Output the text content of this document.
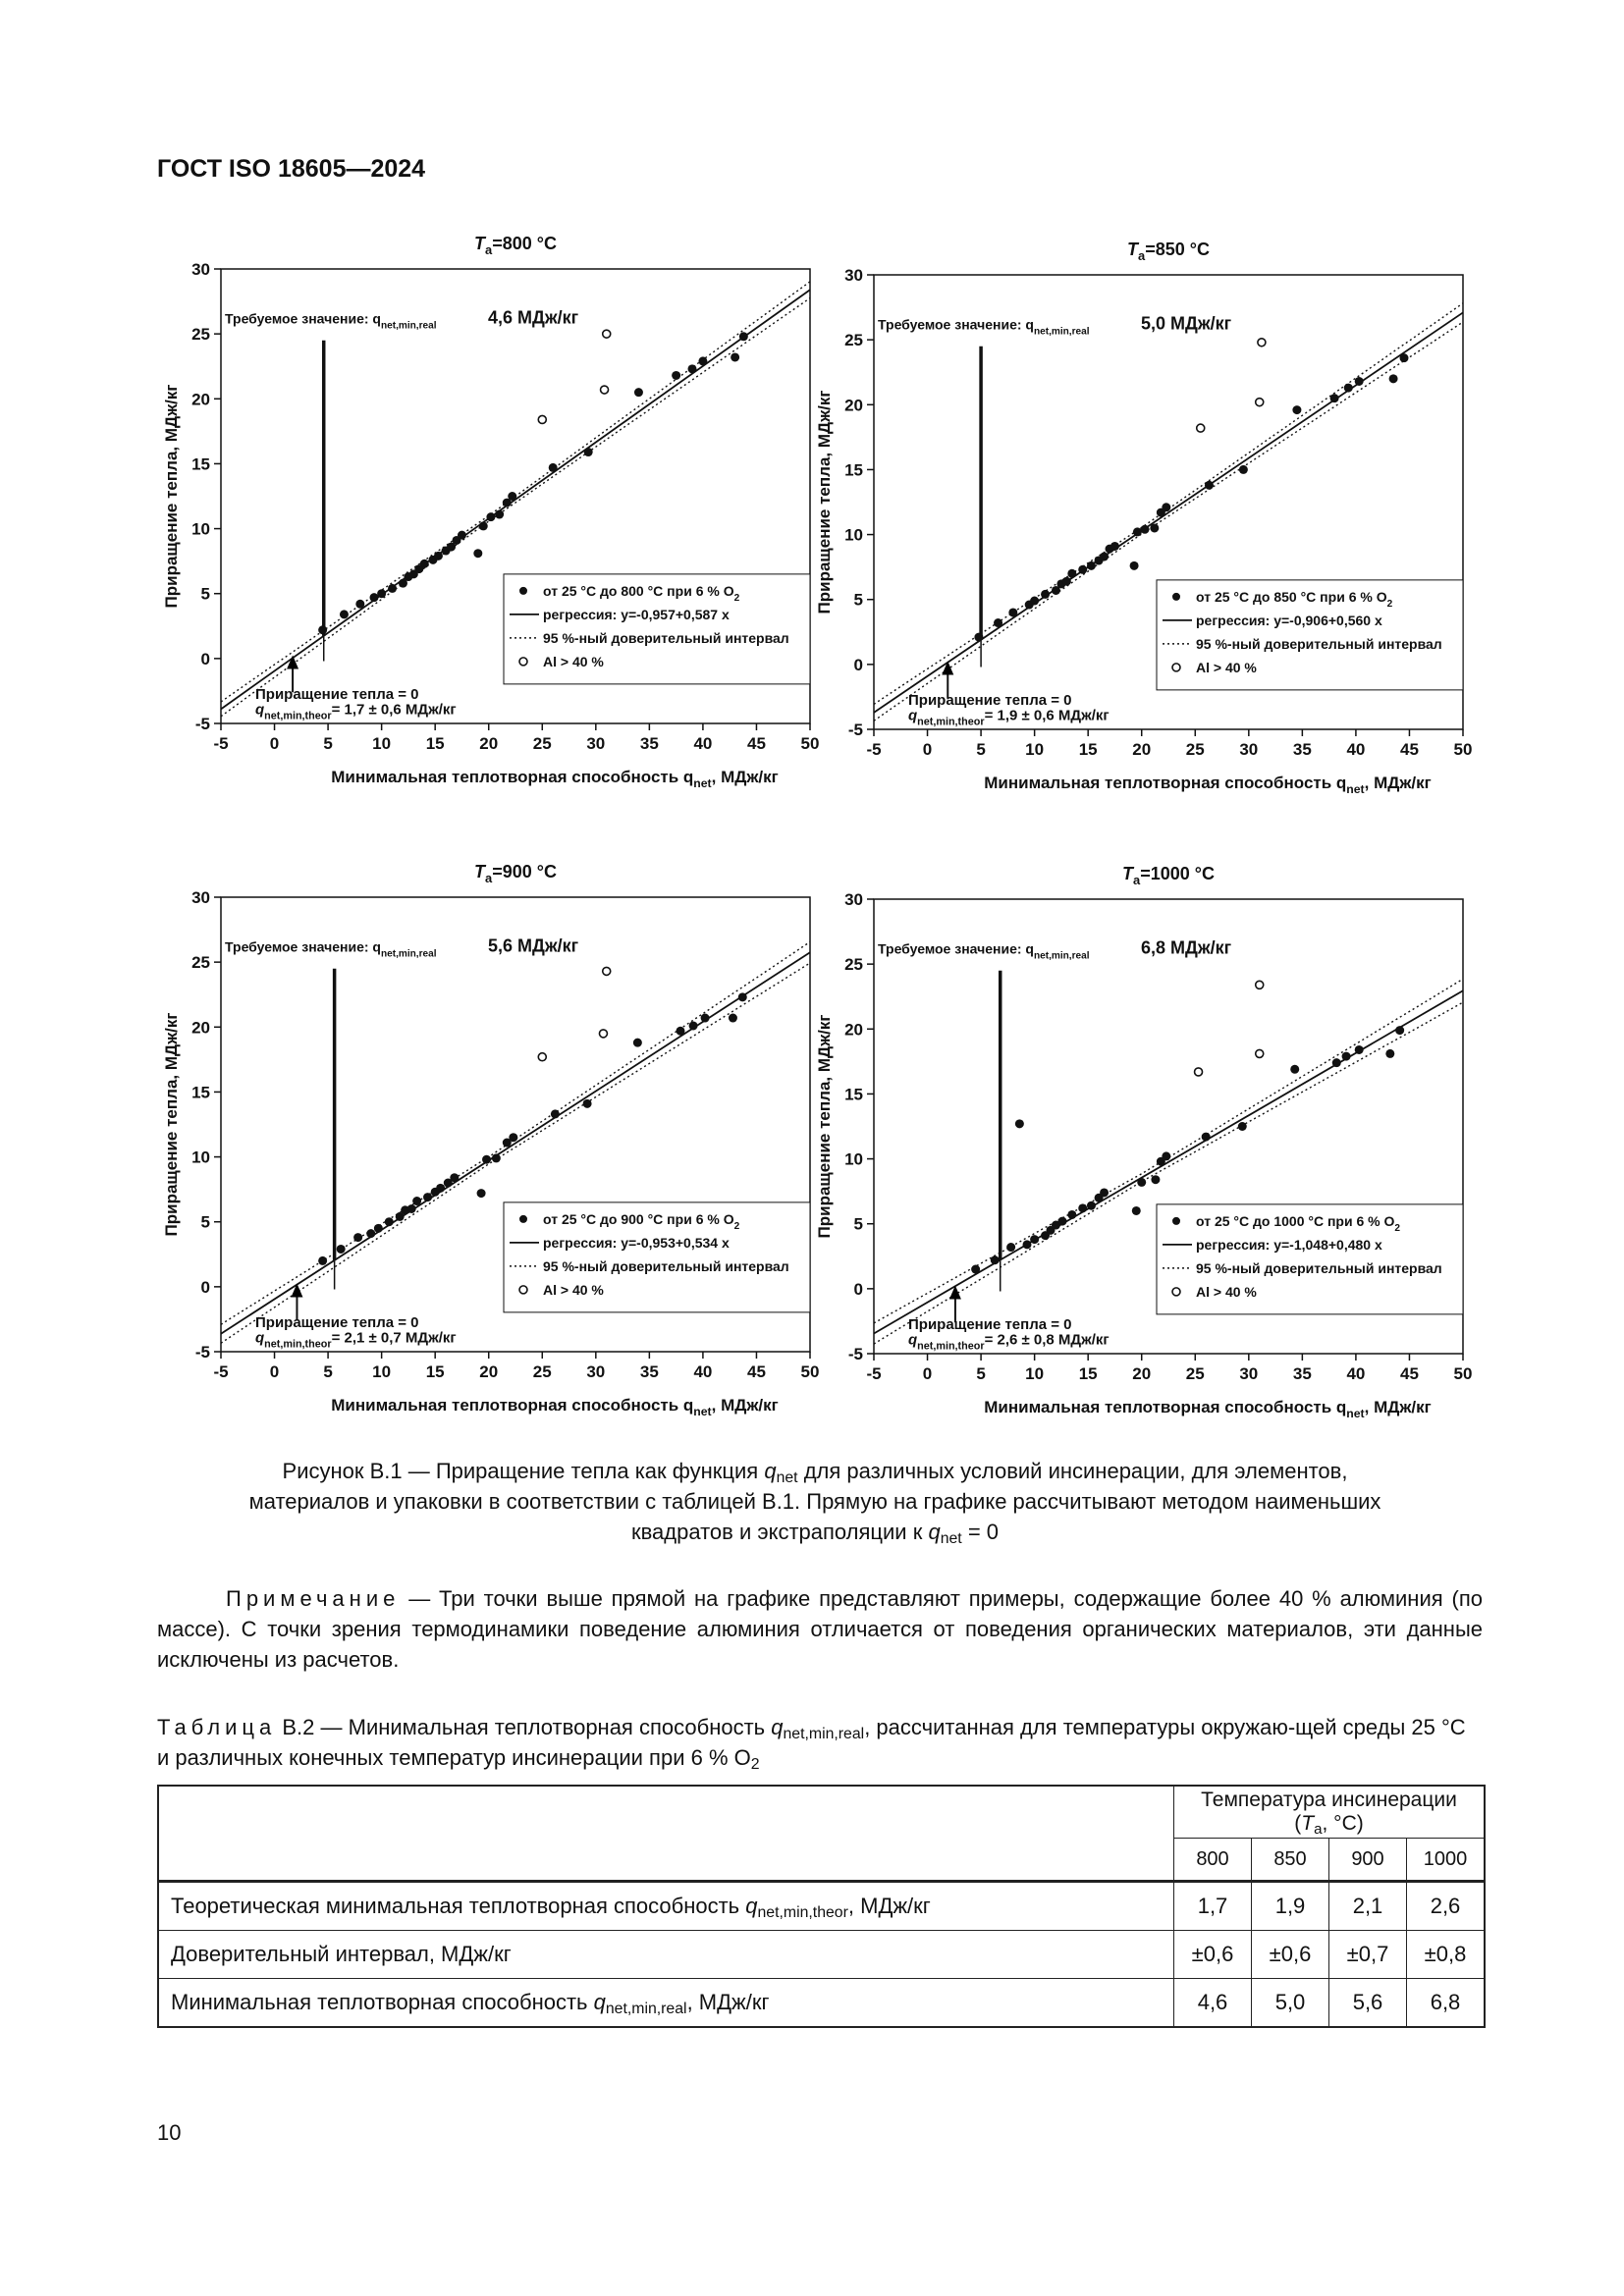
ГОСТ ISO 18605—2024
$T_a=800$ °C
-5 0	5 10 15 20 25 30 35 40 45 50
-5
0
5
10
15
20
25
30
Приращение тепла, МДж/кг
Минимальная теплотворная способность $q_{net}$, МДж/кг
Требуемое значение: $q_{net,min,real}$	4,6 МДж/кг
Приращение тепла = 0
$q_{net,min,theor}= 1,7 \pm 0,6$ МДж/кг
от 25 °C до 800 °C при 6 % $O_2$
регрессия: y=-0,957+0,587 x
95 %-ный доверительный интервал
Al > 40 %
$T_a=850$ °C
-5 0	5 10 15 20 25 30 35 40 45 50
-5
0
5
10
15
20
25
30
Приращение тепла, МДж/кг
Минимальная теплотворная способность $q_{net}$, МДж/кг
Требуемое значение: $q_{net,min,real}$	5,0 МДж/кг
Приращение тепла = 0
$q_{net,min,theor}= 1,9 \pm 0,6$ МДж/кг
от 25 °C до 850 °C при 6 % $O_2$
регрессия: y=-0,906+0,560 x
95 %-ный доверительный интервал
Al > 40 %
$T_a=900$ °C
-5 0	5 10 15 20 25 30 35 40 45 50
-5
0
5
10
15
20
25
30
Приращение тепла, МДж/кг
Минимальная теплотворная способность $q_{net}$, МДж/кг
Требуемое значение: $q_{net,min,real}$	5,6 МДж/кг
Приращение тепла = 0
$q_{net,min,theor}= 2,1 \pm 0,7$ МДж/кг
от 25 °C до 900 °C при 6 % $O_2$
регрессия: y=-0,953+0,534 x
95 %-ный доверительный интервал
Al > 40 %
$T_a=1000$ °C
-5 0	5 10 15 20 25 30 35 40 45 50
-5
0
5
10
15
20
25
30
Приращение тепла, МДж/кг
Минимальная теплотворная способность $q_{net}$, МДж/кг
Требуемое значение: $q_{net,min,real}$	6,8 МДж/кг
Приращение тепла = 0
$q_{net,min,theor}= 2,6 \pm 0,8$ МДж/кг
от 25 °C до 1000 °C при 6 % $O_2$
регрессия: y=-1,048+0,480 x
95 %-ный доверительный интервал
Al > 40 %
Рисунок В.1 — Приращение тепла как функция $q_{net}$ для различных условий инсинерации, для элементов,
материалов и упаковки в соответствии с таблицей В.1. Прямую на графике рассчитывают методом наименьших
квадратов и экстраполяции к $q_{net} = 0$
Примечание — Три точки выше прямой на графике представляют примеры, содержащие более 40 % алюминия (по массе). С точки зрения термодинамики поведение алюминия отличается от поведения органических материалов, эти данные исключены из расчетов.
Таблица В.2 — Минимальная теплотворная способность $q_{net,min,real}$, рассчитанная для температуры окружаю-щей среды 25 °C и различных конечных температур инсинерации при 6 % $O_2$
	Температура инсинерации ($T_a$, °C)			
	800	850	900	1000
Теоретическая минимальная теплотворная способность $q_{net,min,theor}$, МДж/кг	1,7	1,9	2,1	2,6
Доверительный интервал, МДж/кг	±0,6	±0,6	±0,7	±0,8
Минимальная теплотворная способность $q_{net,min,real}$, МДж/кг	4,6	5,0	5,6	6,8
10
